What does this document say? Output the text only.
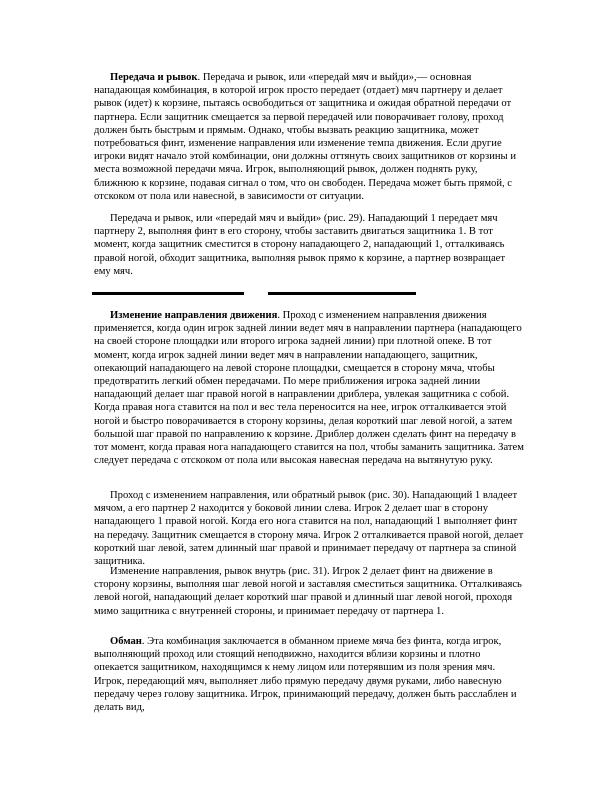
Передача и рывок. Передача и рывок, или «передай мяч и выйди»,— основная нападающая комбинация, в которой игрок просто передает (отдает) мяч партнеру и делает рывок (идет) к корзине, пытаясь освободиться от защитника и ожидая обратной передачи от партнера. Если защитник смещается за первой передачей или поворачивает голову, проход должен быть быстрым и прямым. Однако, чтобы вызвать реакцию защитника, может потребоваться финт, изменение направления или изменение темпа движения. Если другие игроки видят начало этой комбинации, они должны оттянуть своих защитников от корзины и места возможной передачи мяча. Игрок, выполняющий рывок, должен поднять руку, ближнюю к корзине, подавая сигнал о том, что он свободен. Передача может быть прямой, с отскоком от пола или навесной, в зависимости от ситуации.

Передача и рывок, или «передай мяч и выйди» (рис. 29). Нападающий 1 передает мяч партнеру 2, выполняя финт в его сторону, чтобы заставить двигаться защитника 1. В тот момент, когда защитник сместится в сторону нападающего 2, нападающий 1, отталкиваясь правой ногой, обходит защитника, выполняя рывок прямо к корзине, а партнер возвращает ему мяч.

Изменение направления движения. Проход с изменением направления движения применяется, когда один игрок задней линии ведет мяч в направлении партнера (нападающего на своей стороне площадки или второго игрока задней линии) при плотной опеке. В тот момент, когда игрок задней линии ведет мяч в направлении нападающего, защитник, опекающий нападающего на левой стороне площадки, смещается в сторону мяча, чтобы предотвратить легкий обмен передачами. По мере приближения игрока задней линии нападающий делает шаг правой ногой в направлении дриблера, увлекая защитника с собой. Когда правая нога ставится на пол и вес тела переносится на нее, игрок отталкивается этой ногой и быстро поворачивается в сторону корзины, делая короткий шаг левой ногой, а затем большой шаг правой по направлению к корзине. Дриблер должен сделать финт на передачу в тот момент, когда правая нога нападающего ставится на пол, чтобы заманить защитника. Затем следует передача с отскоком от пола или высокая навесная передача на вытянутую руку.

Проход с изменением направления, или обратный рывок (рис. 30). Нападающий 1 владеет мячом, а его партнер 2 находится у боковой линии слева. Игрок 2 делает шаг в сторону нападающего 1 правой ногой. Когда его нога ставится на пол, нападающий 1 выполняет финт на передачу. Защитник смещается в сторону мяча. Игрок 2 отталкивается правой ногой, делает короткий шаг левой, затем длинный шаг правой и принимает передачу от партнера за спиной защитника.

Изменение направления, рывок внутрь (рис. 31). Игрок 2 делает финт на движение в сторону корзины, выполняя шаг левой ногой и заставляя сместиться защитника. Отталкиваясь левой ногой, нападающий делает короткий шаг правой и длинный шаг левой ногой, проходя мимо защитника с внутренней стороны, и принимает передачу от партнера 1.

Обман. Эта комбинация заключается в обманном приеме мяча без финта, когда игрок, выполняющий проход или стоящий неподвижно, находится вблизи корзины и плотно опекается защитником, находящимся к нему лицом или потерявшим из поля зрения мяч. Игрок, передающий мяч, выполняет либо прямую передачу двумя руками, либо навесную передачу через голову защитника. Игрок, принимающий передачу, должен быть расслаблен и делать вид,
